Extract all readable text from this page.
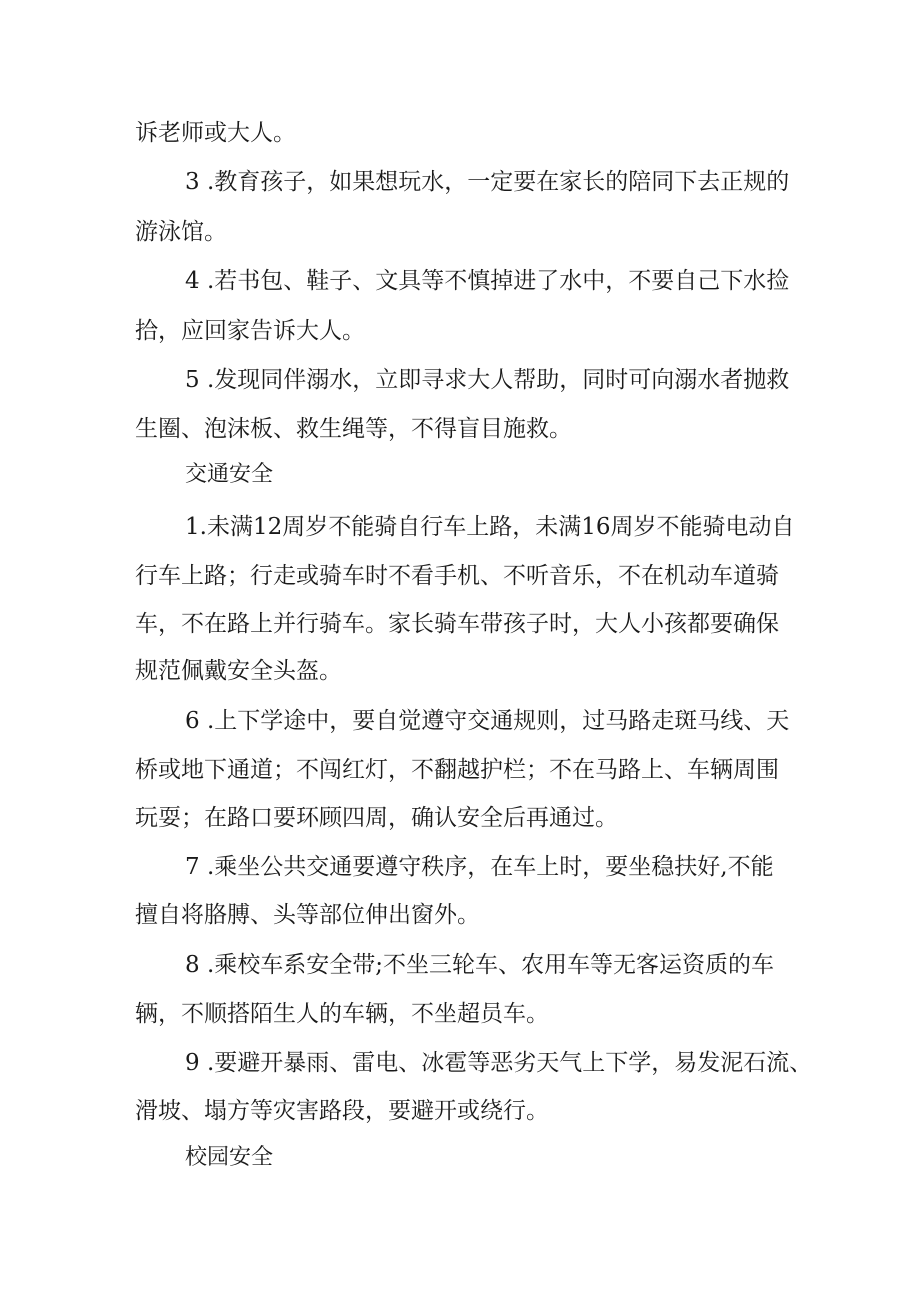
诉老师或大人。
3 .教育孩子，如果想玩水，一定要在家长的陪同下去正规的
游泳馆。
4 .若书包、鞋子、文具等不慎掉进了水中，不要自己下水捡
拾，应回家告诉大人。
5 .发现同伴溺水，立即寻求大人帮助，同时可向溺水者抛救
生圈、泡沫板、救生绳等，不得盲目施救。
交通安全
1.未满12周岁不能骑自行车上路，未满16周岁不能骑电动自
行车上路；行走或骑车时不看手机、不听音乐，不在机动车道骑
车，不在路上并行骑车。家长骑车带孩子时，大人小孩都要确保
规范佩戴安全头盔。
6 .上下学途中，要自觉遵守交通规则，过马路走斑马线、天
桥或地下通道；不闯红灯，不翻越护栏；不在马路上、车辆周围
玩耍；在路口要环顾四周，确认安全后再通过。
7 .乘坐公共交通要遵守秩序，在车上时，要坐稳扶好,不能
擅自将胳膊、头等部位伸出窗外。
8 .乘校车系安全带;不坐三轮车、农用车等无客运资质的车
辆，不顺搭陌生人的车辆，不坐超员车。
9 .要避开暴雨、雷电、冰雹等恶劣天气上下学，易发泥石流、
滑坡、塌方等灾害路段，要避开或绕行。
校园安全
